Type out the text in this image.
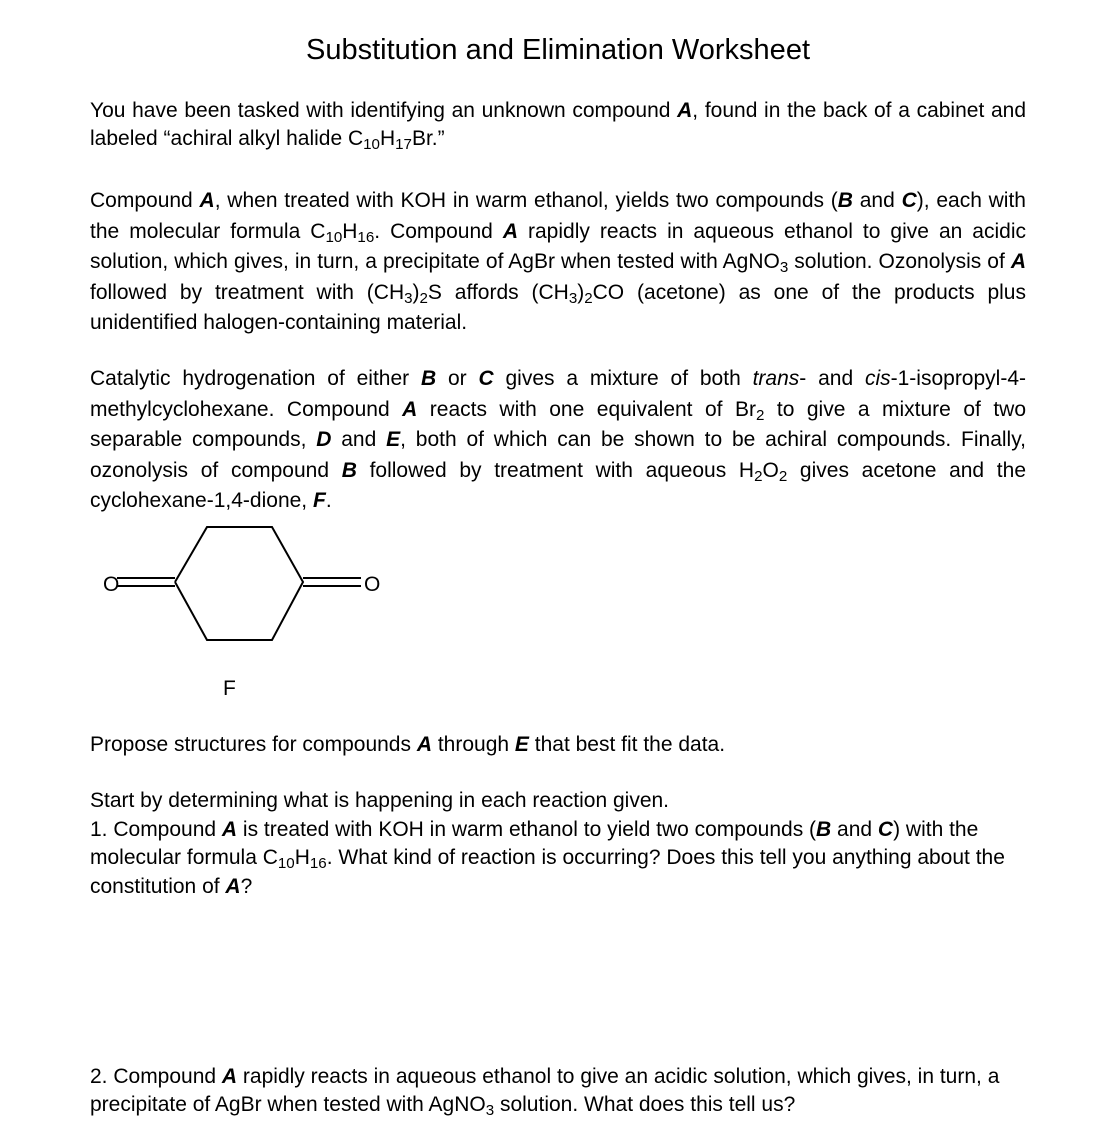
Substitution and Elimination Worksheet

You have been tasked with identifying an unknown compound A, found in the back of a cabinet and labeled “achiral alkyl halide $C_{10}H_{17}Br$.”

Compound A, when treated with KOH in warm ethanol, yields two compounds (B and C), each with the molecular formula $C_{10}H_{16}$. Compound A rapidly reacts in aqueous ethanol to give an acidic solution, which gives, in turn, a precipitate of AgBr when tested with AgNO$_3$ solution. Ozonolysis of A followed by treatment with $(CH_3)_2S$ affords $(CH_3)_2CO$ (acetone) as one of the products plus unidentified halogen-containing material.

Catalytic hydrogenation of either B or C gives a mixture of both trans- and cis-1-isopropyl-4-methylcyclohexane. Compound A reacts with one equivalent of $Br_2$ to give a mixture of two separable compounds, D and E, both of which can be shown to be achiral compounds. Finally, ozonolysis of compound B followed by treatment with aqueous $H_2O_2$ gives acetone and the cyclohexane-1,4-dione, F.

O	O
F

Propose structures for compounds A through E that best fit the data.

Start by determining what is happening in each reaction given.
1. Compound A is treated with KOH in warm ethanol to yield two compounds (B and C) with the molecular formula $C_{10}H_{16}$. What kind of reaction is occurring? Does this tell you anything about the constitution of A?

2. Compound A rapidly reacts in aqueous ethanol to give an acidic solution, which gives, in turn, a precipitate of AgBr when tested with AgNO$_3$ solution. What does this tell us?
